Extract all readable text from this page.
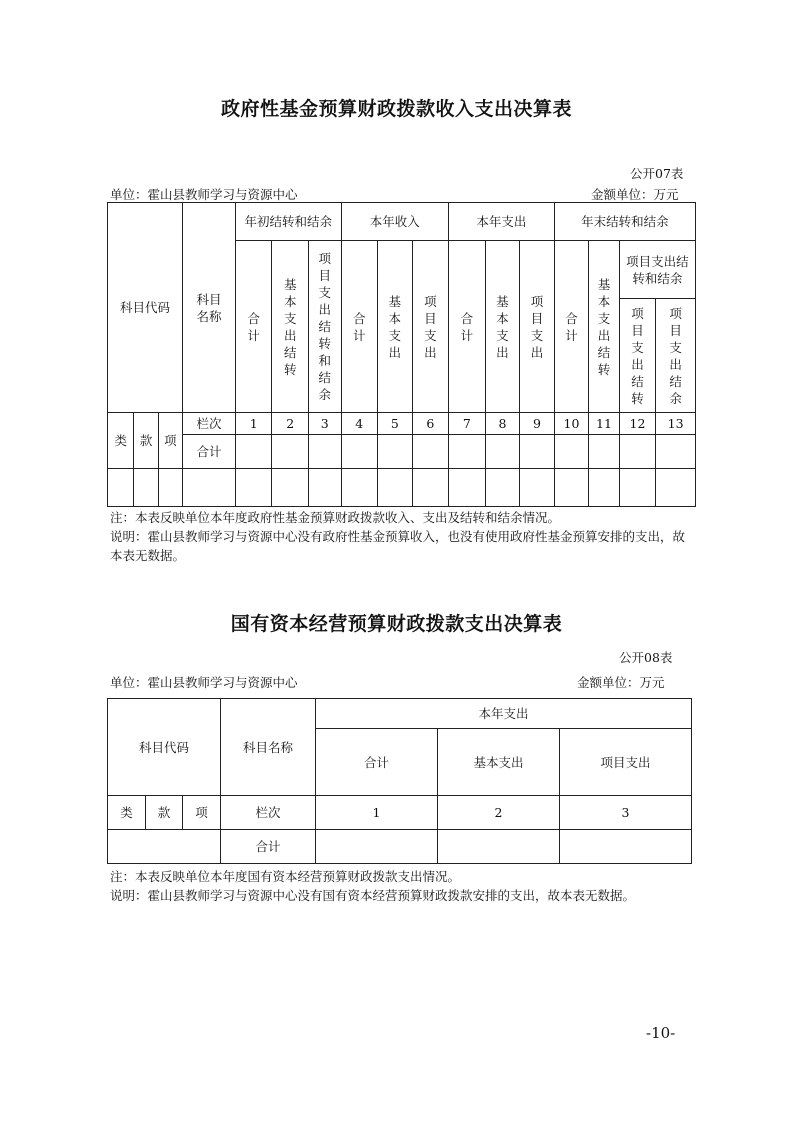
政府性基金预算财政拨款收入支出决算表
公开07表
单位：霍山县教师学习与资源中心	金额单位：万元
科目代码			科目名称	年初结转和结余			本年收入			本年支出			年末结转和结余			
				合计	基本支出结转	项目支出结转和结余	合计	基本支出	项目支出	合计	基本支出	项目支出	合计	基本支出结转	项目支出结转和结余	
															项目支出结转	项目支出结余
类	款	项	栏次	1	2	3	4	5	6	7	8	9	10	11	12	13
			合计													

注：本表反映单位本年度政府性基金预算财政拨款收入、支出及结转和结余情况。
说明：霍山县教师学习与资源中心没有政府性基金预算收入，也没有使用政府性基金预算安排的支出，故本表无数据。
国有资本经营预算财政拨款支出决算表
公开08表
单位：霍山县教师学习与资源中心	金额单位：万元
科目代码			科目名称	本年支出		
				合计	基本支出	项目支出
类	款	项	栏次	1	2	3
			合计			
注：本表反映单位本年度国有资本经营预算财政拨款支出情况。
说明：霍山县教师学习与资源中心没有国有资本经营预算财政拨款安排的支出，故本表无数据。
-10-
